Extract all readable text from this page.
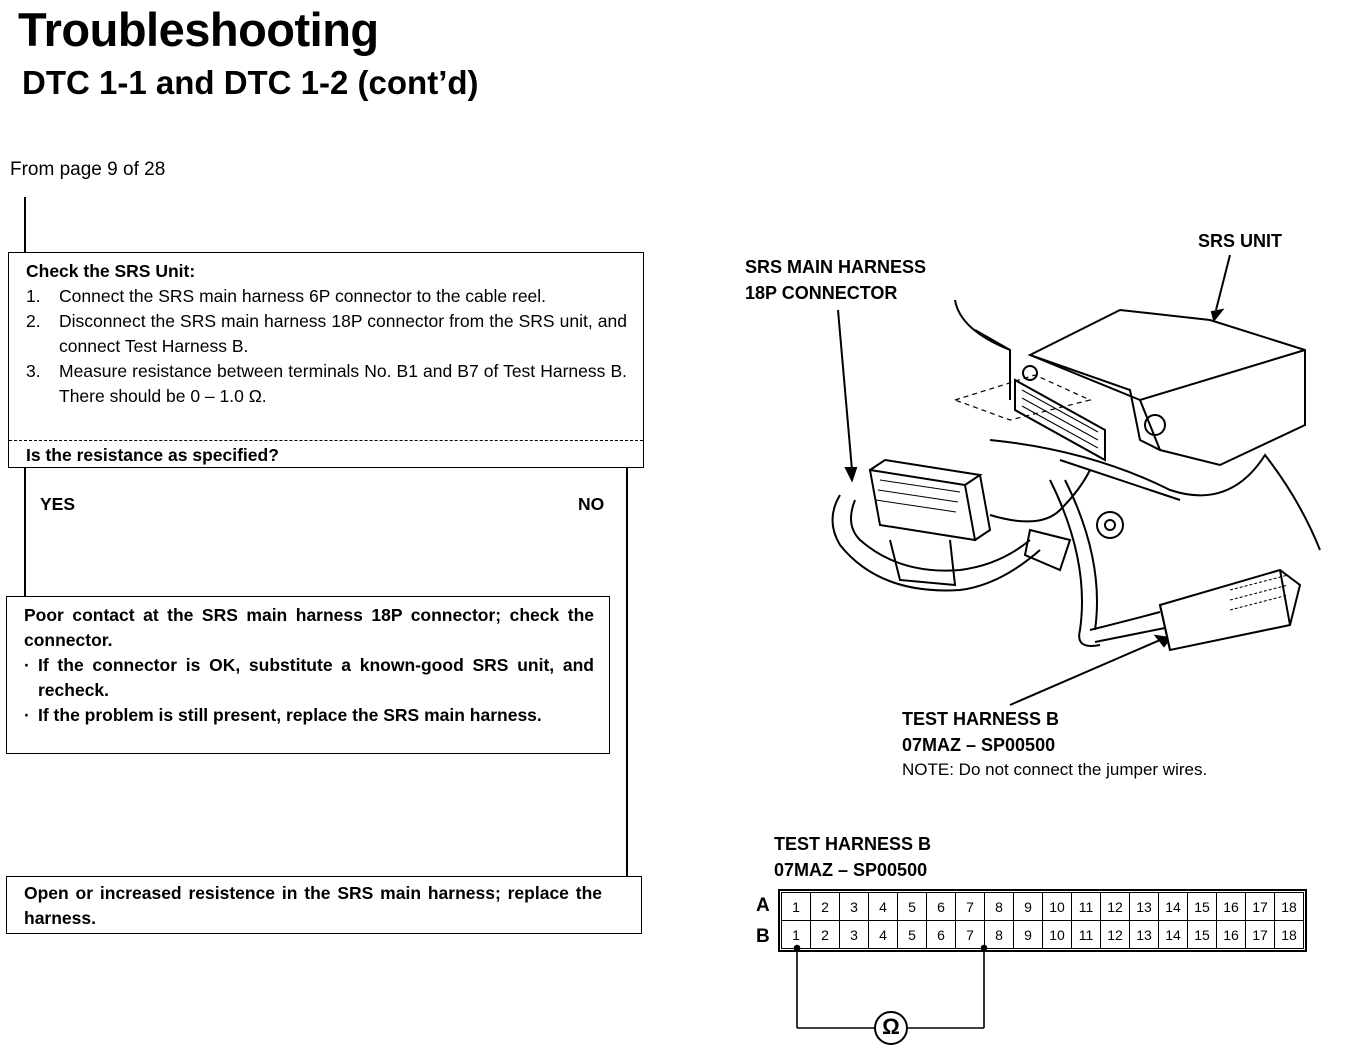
Troubleshooting
DTC 1-1 and DTC 1-2 (cont’d)
From page 9 of 28
Check the SRS Unit:
1.	Connect the SRS main harness 6P connector to the cable reel.
2.	Disconnect the SRS main harness 18P connector from the SRS unit, and connect Test Harness B.
3.	Measure resistance between terminals No. B1 and B7 of Test Harness B. There should be 0 – 1.0 Ω.
Is the resistance as specified?
YES	NO
Poor contact at the SRS main harness 18P connector; check the connector.
· If the connector is OK, substitute a known-good SRS unit, and recheck.
· If the problem is still present, replace the SRS main harness.
Open or increased resistence in the SRS main harness; replace the harness.
SRS UNIT
SRS MAIN HARNESS
18P CONNECTOR
TEST HARNESS B
07MAZ – SP00500
NOTE: Do not connect the jumper wires.
TEST HARNESS B
07MAZ – SP00500
A
B
1	2	3	4	5	6	7	8	9	10	11	12	13	14	15	16	17	18
1	2	3	4	5	6	7	8	9	10	11	12	13	14	15	16	17	18
Ω
